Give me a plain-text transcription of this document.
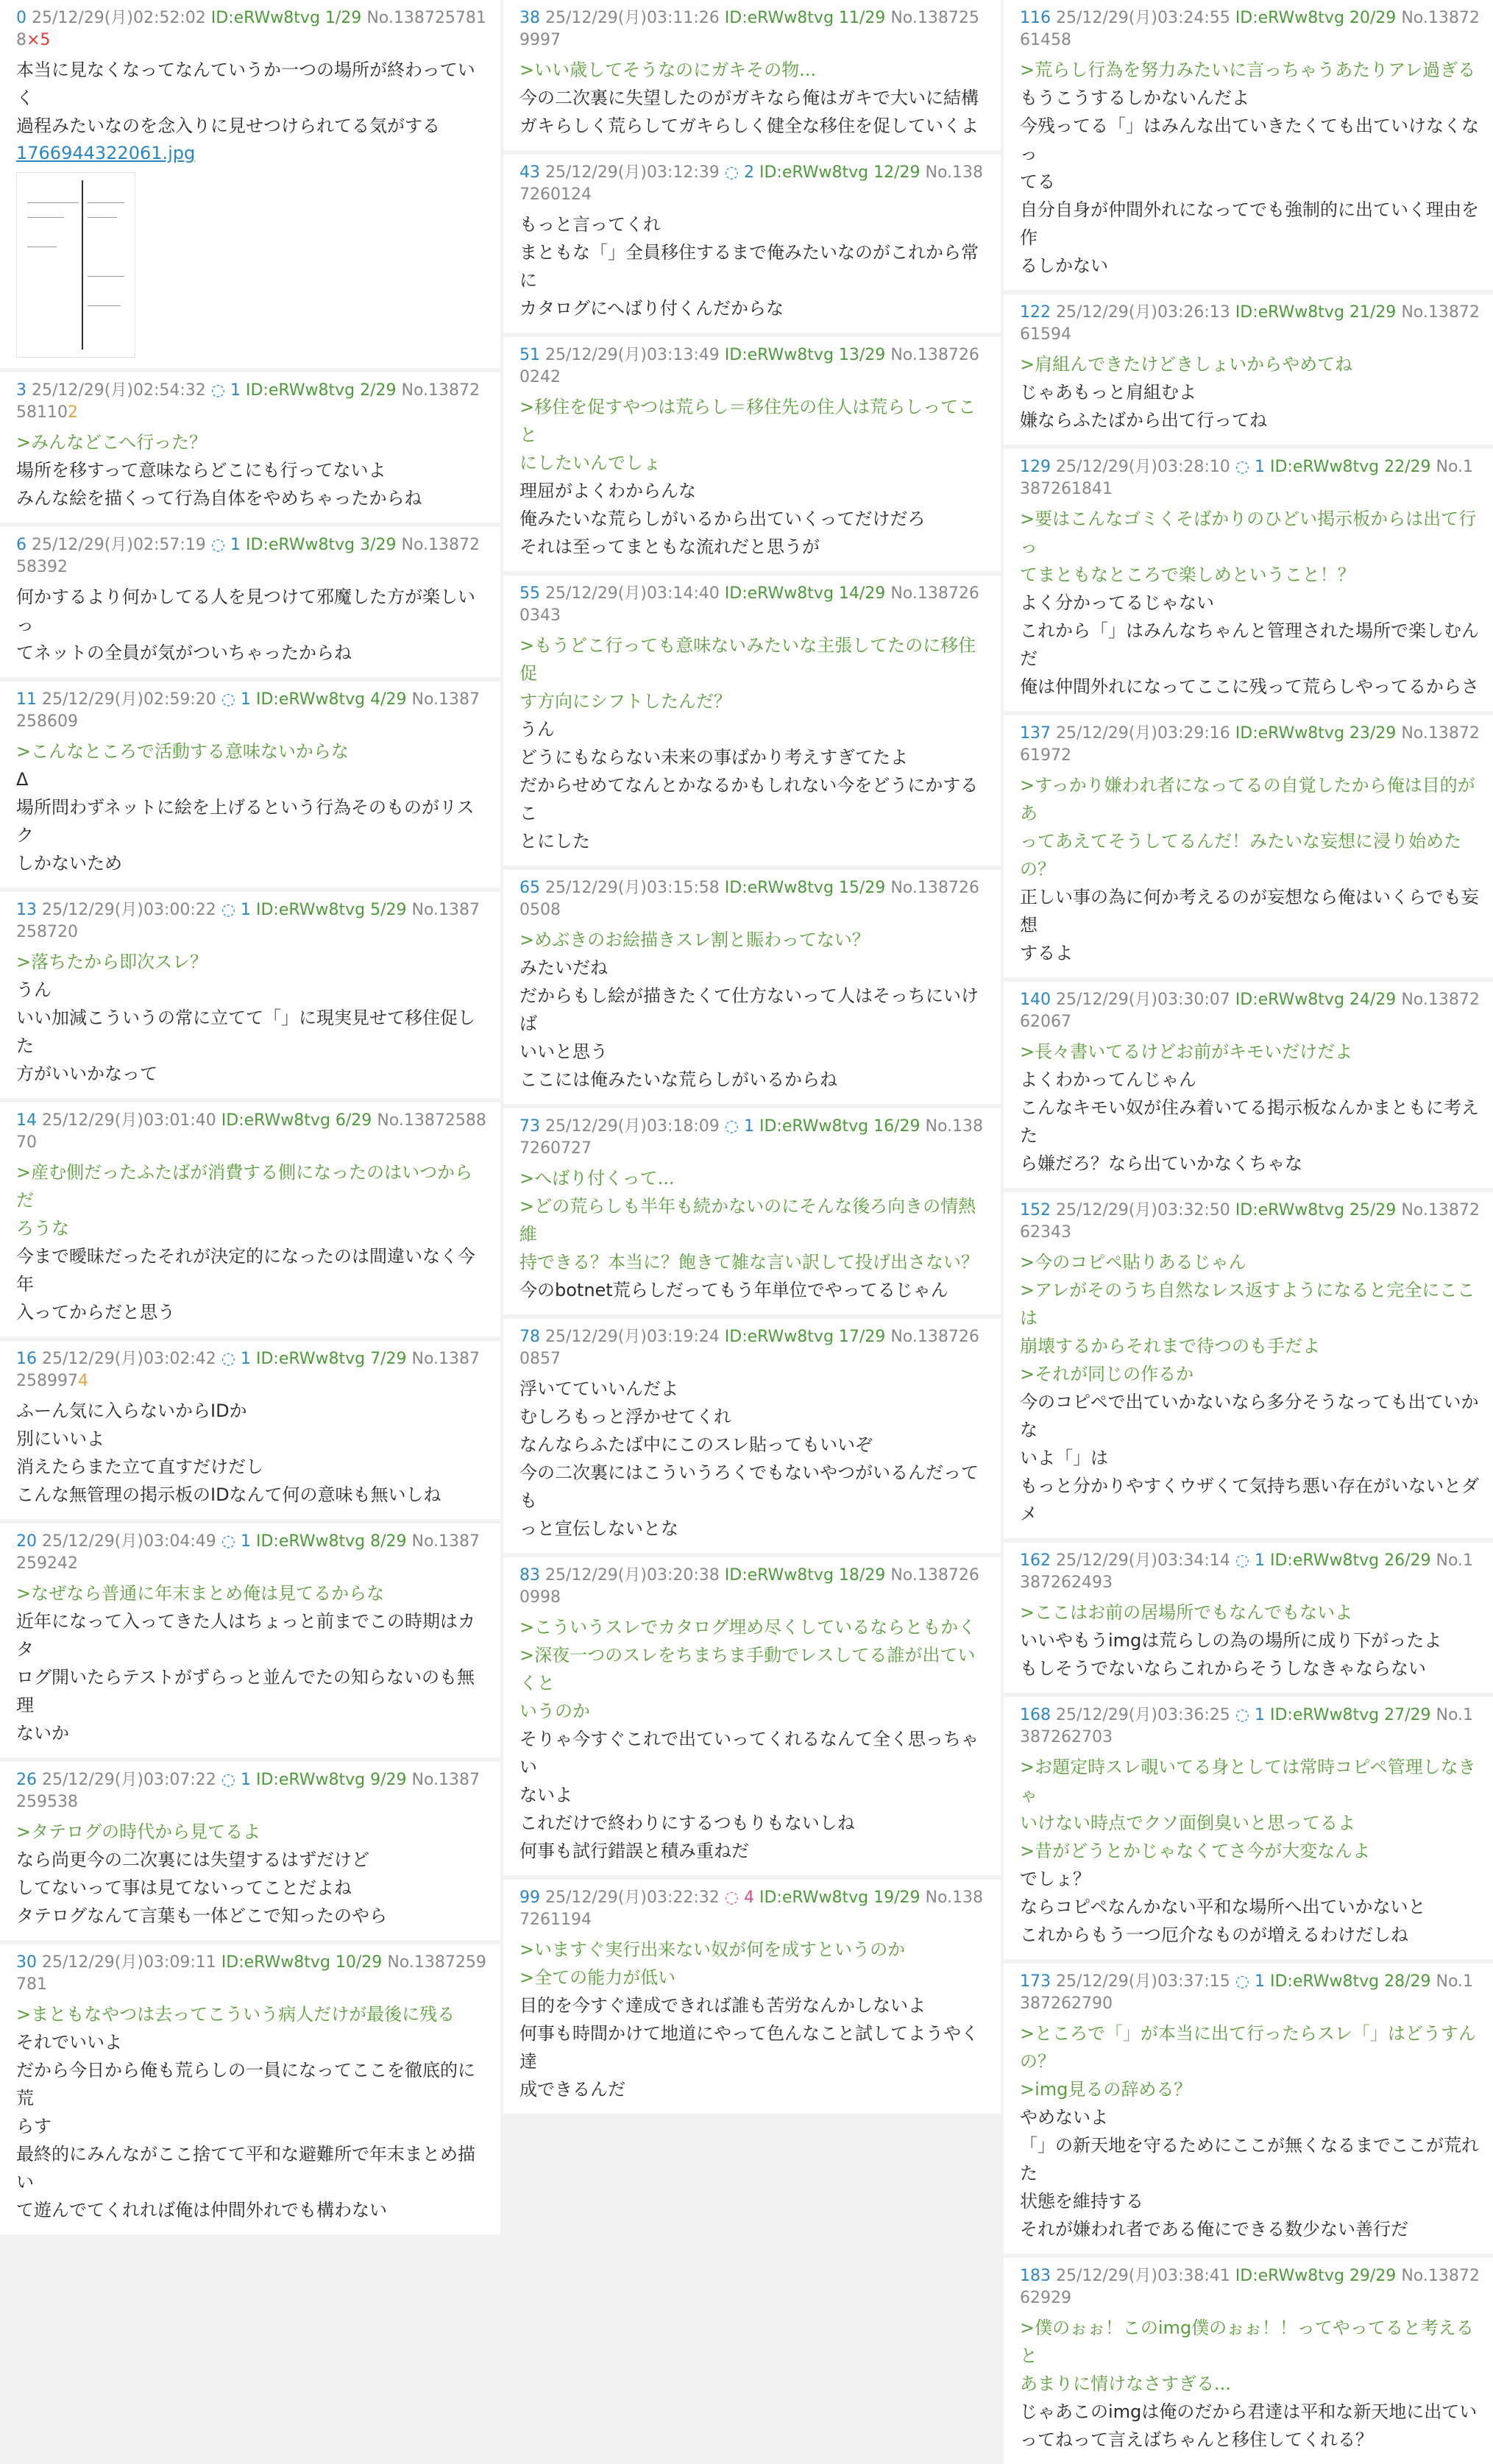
0 25/12/29(月)02:52:02 ID:eRWw8tvg 1/29 No.1387257818×5
本当に見なくなってなんていうか一つの場所が終わっていく
過程みたいなのを念入りに見せつけられてる気がする
1766944322061.jpg
3 25/12/29(月)02:54:32 ◌ 1 ID:eRWw8tvg 2/29 No.13872581102
>みんなどこへ行った？
場所を移すって意味ならどこにも行ってないよ
みんな絵を描くって行為自体をやめちゃったからね
6 25/12/29(月)02:57:19 ◌ 1 ID:eRWw8tvg 3/29 No.1387258392
何かするより何かしてる人を見つけて邪魔した方が楽しいっ
てネットの全員が気がついちゃったからね
11 25/12/29(月)02:59:20 ◌ 1 ID:eRWw8tvg 4/29 No.1387258609
>こんなところで活動する意味ないからな
Δ
場所問わずネットに絵を上げるという行為そのものがリスク
しかないため
13 25/12/29(月)03:00:22 ◌ 1 ID:eRWw8tvg 5/29 No.1387258720
>落ちたから即次スレ？
うん
いい加減こういうの常に立てて「」に現実見せて移住促した
方がいいかなって
14 25/12/29(月)03:01:40 ID:eRWw8tvg 6/29 No.1387258870
>産む側だったふたばが消費する側になったのはいつからだ
ろうな
今まで曖昧だったそれが決定的になったのは間違いなく今年
入ってからだと思う
16 25/12/29(月)03:02:42 ◌ 1 ID:eRWw8tvg 7/29 No.13872589974
ふーん気に入らないからIDか
別にいいよ
消えたらまた立て直すだけだし
こんな無管理の掲示板のIDなんて何の意味も無いしね
20 25/12/29(月)03:04:49 ◌ 1 ID:eRWw8tvg 8/29 No.1387259242
>なぜなら普通に年末まとめ俺は見てるからな
近年になって入ってきた人はちょっと前までこの時期はカタ
ログ開いたらテストがずらっと並んでたの知らないのも無理
ないか
26 25/12/29(月)03:07:22 ◌ 1 ID:eRWw8tvg 9/29 No.1387259538
>タテログの時代から見てるよ
なら尚更今の二次裏には失望するはずだけど
してないって事は見てないってことだよね
タテログなんて言葉も一体どこで知ったのやら
30 25/12/29(月)03:09:11 ID:eRWw8tvg 10/29 No.1387259781
>まともなやつは去ってこういう病人だけが最後に残る
それでいいよ
だから今日から俺も荒らしの一員になってここを徹底的に荒
らす
最終的にみんながここ捨てて平和な避難所で年末まとめ描い
て遊んでてくれれば俺は仲間外れでも構わない
38 25/12/29(月)03:11:26 ID:eRWw8tvg 11/29 No.1387259997
>いい歳してそうなのにガキその物...
今の二次裏に失望したのがガキなら俺はガキで大いに結構
ガキらしく荒らしてガキらしく健全な移住を促していくよ
43 25/12/29(月)03:12:39 ◌ 2 ID:eRWw8tvg 12/29 No.1387260124
もっと言ってくれ
まともな「」全員移住するまで俺みたいなのがこれから常に
カタログにへばり付くんだからな
51 25/12/29(月)03:13:49 ID:eRWw8tvg 13/29 No.1387260242
>移住を促すやつは荒らし＝移住先の住人は荒らしってこと
にしたいんでしょ
理屈がよくわからんな
俺みたいな荒らしがいるから出ていくってだけだろ
それは至ってまともな流れだと思うが
55 25/12/29(月)03:14:40 ID:eRWw8tvg 14/29 No.1387260343
>もうどこ行っても意味ないみたいな主張してたのに移住促
す方向にシフトしたんだ？
うん
どうにもならない未来の事ばかり考えすぎてたよ
だからせめてなんとかなるかもしれない今をどうにかするこ
とにした
65 25/12/29(月)03:15:58 ID:eRWw8tvg 15/29 No.1387260508
>めぶきのお絵描きスレ割と賑わってない？
みたいだね
だからもし絵が描きたくて仕方ないって人はそっちにいけば
いいと思う
ここには俺みたいな荒らしがいるからね
73 25/12/29(月)03:18:09 ◌ 1 ID:eRWw8tvg 16/29 No.1387260727
>へばり付くって...
>どの荒らしも半年も続かないのにそんな後ろ向きの情熱維
持できる？本当に？飽きて雑な言い訳して投げ出さない？
今のbotnet荒らしだってもう年単位でやってるじゃん
78 25/12/29(月)03:19:24 ID:eRWw8tvg 17/29 No.1387260857
浮いてていいんだよ
むしろもっと浮かせてくれ
なんならふたば中にこのスレ貼ってもいいぞ
今の二次裏にはこういうろくでもないやつがいるんだっても
っと宣伝しないとな
83 25/12/29(月)03:20:38 ID:eRWw8tvg 18/29 No.1387260998
>こういうスレでカタログ埋め尽くしているならともかく
>深夜一つのスレをちまちま手動でレスしてる誰が出ていくと
いうのか
そりゃ今すぐこれで出ていってくれるなんて全く思っちゃい
ないよ
これだけで終わりにするつもりもないしね
何事も試行錯誤と積み重ねだ
99 25/12/29(月)03:22:32 ◌ 4 ID:eRWw8tvg 19/29 No.1387261194
>いますぐ実行出来ない奴が何を成すというのか
>全ての能力が低い
目的を今すぐ達成できれば誰も苦労なんかしないよ
何事も時間かけて地道にやって色んなこと試してようやく達
成できるんだ
116 25/12/29(月)03:24:55 ID:eRWw8tvg 20/29 No.1387261458
>荒らし行為を努力みたいに言っちゃうあたりアレ過ぎる
もうこうするしかないんだよ
今残ってる「」はみんな出ていきたくても出ていけなくなっ
てる
自分自身が仲間外れになってでも強制的に出ていく理由を作
るしかない
122 25/12/29(月)03:26:13 ID:eRWw8tvg 21/29 No.1387261594
>肩組んできたけどきしょいからやめてね
じゃあもっと肩組むよ
嫌ならふたばから出て行ってね
129 25/12/29(月)03:28:10 ◌ 1 ID:eRWw8tvg 22/29 No.1387261841
>要はこんなゴミくそばかりのひどい掲示板からは出て行っ
てまともなところで楽しめということ！？
よく分かってるじゃない
これから「」はみんなちゃんと管理された場所で楽しむんだ
俺は仲間外れになってここに残って荒らしやってるからさ
137 25/12/29(月)03:29:16 ID:eRWw8tvg 23/29 No.1387261972
>すっかり嫌われ者になってるの自覚したから俺は目的があ
ってあえてそうしてるんだ！みたいな妄想に浸り始めたの？
正しい事の為に何か考えるのが妄想なら俺はいくらでも妄想
するよ
140 25/12/29(月)03:30:07 ID:eRWw8tvg 24/29 No.1387262067
>長々書いてるけどお前がキモいだけだよ
よくわかってんじゃん
こんなキモい奴が住み着いてる掲示板なんかまともに考えた
ら嫌だろ？なら出ていかなくちゃな
152 25/12/29(月)03:32:50 ID:eRWw8tvg 25/29 No.1387262343
>今のコピペ貼りあるじゃん
>アレがそのうち自然なレス返すようになると完全にここは
崩壊するからそれまで待つのも手だよ
>それが同じの作るか
今のコピペで出ていかないなら多分そうなっても出ていかな
いよ「」は
もっと分かりやすくウザくて気持ち悪い存在がいないとダメ
162 25/12/29(月)03:34:14 ◌ 1 ID:eRWw8tvg 26/29 No.1387262493
>ここはお前の居場所でもなんでもないよ
いいやもうimgは荒らしの為の場所に成り下がったよ
もしそうでないならこれからそうしなきゃならない
168 25/12/29(月)03:36:25 ◌ 1 ID:eRWw8tvg 27/29 No.1387262703
>お題定時スレ覗いてる身としては常時コピペ管理しなきゃ
いけない時点でクソ面倒臭いと思ってるよ
>昔がどうとかじゃなくてさ今が大変なんよ
でしょ？
ならコピペなんかない平和な場所へ出ていかないと
これからもう一つ厄介なものが増えるわけだしね
173 25/12/29(月)03:37:15 ◌ 1 ID:eRWw8tvg 28/29 No.1387262790
>ところで「」が本当に出て行ったらスレ「」はどうすんの？
>img見るの辞める？
やめないよ
「」の新天地を守るためにここが無くなるまでここが荒れた
状態を維持する
それが嫌われ者である俺にできる数少ない善行だ
183 25/12/29(月)03:38:41 ID:eRWw8tvg 29/29 No.1387262929
>僕のぉぉ！このimg僕のぉぉ！！ってやってると考えると
あまりに情けなさすぎる...
じゃあこのimgは俺のだから君達は平和な新天地に出てい
ってねって言えばちゃんと移住してくれる？
